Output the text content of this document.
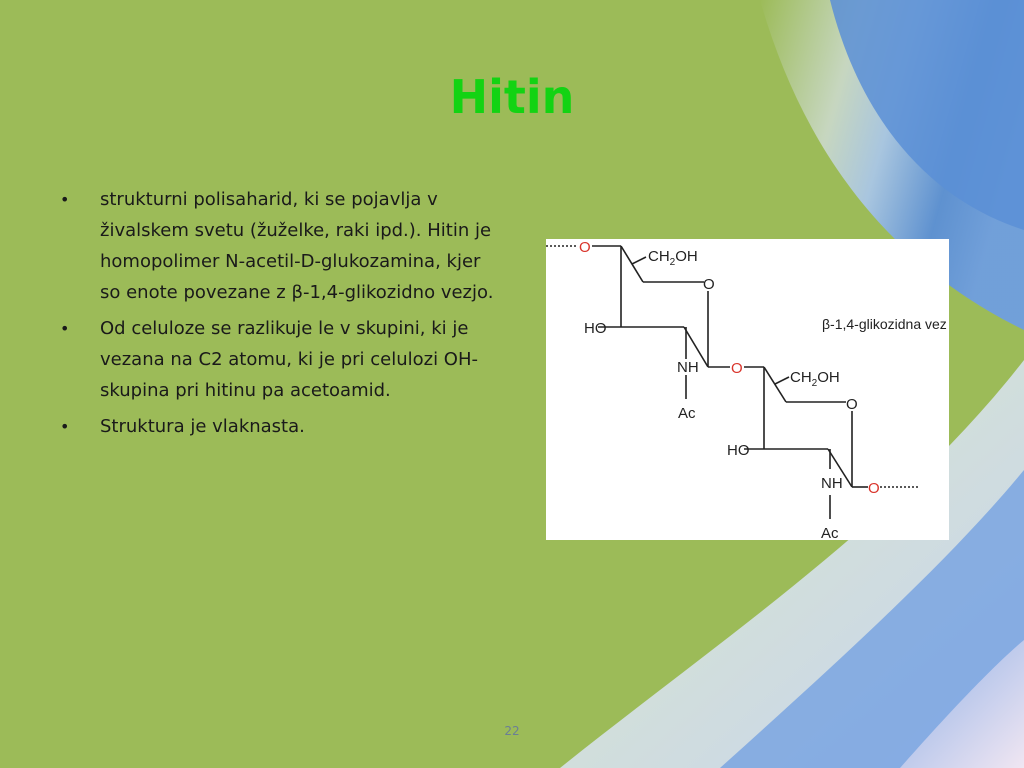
Hitin
• strukturni polisaharid, ki se pojavlja v živalskem svetu (žuželke, raki ipd.). Hitin je homopolimer N-acetil-D-glukozamina, kjer so enote povezane z β-1,4-glikozidno vezjo.
• Od celuloze se razlikuje le v skupini, ki je vezana na C2 atomu, ki je pri celulozi OH-skupina pri hitinu pa acetoamid.
• Struktura je vlaknasta.
O
$CH_2OH$
O
HO
NH
Ac
O
$CH_2OH$
O
HO
NH
Ac
O
β-1,4-glikozidna vez
22
